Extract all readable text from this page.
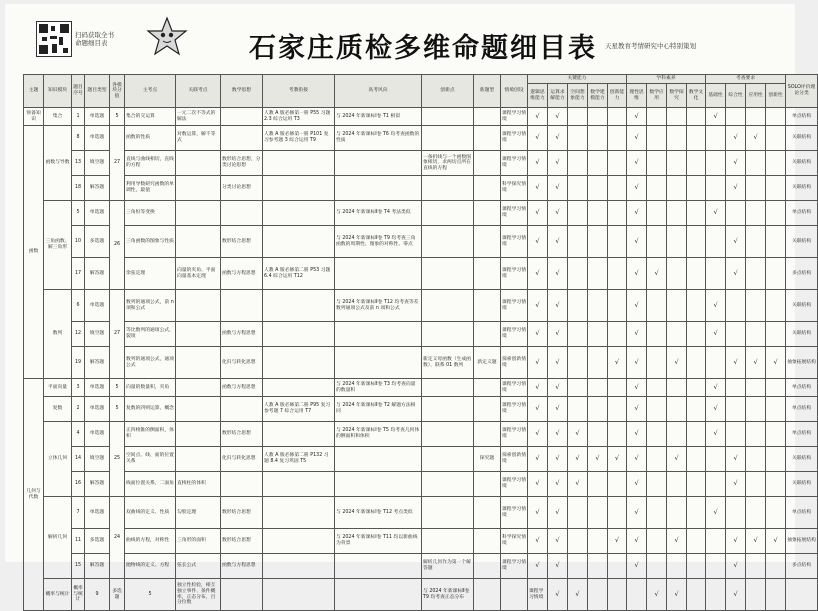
扫码获取全书
命题细目表	石家庄质检多维命题细目表 天星教育考情研究中心特别策划
主题	知识模块	题目序号	题目类型	各模块分值	主考点	关联考点	数学思想	考教衔接	高考风向	创新点	新题型	情境创设	关键能力					学科素养				考查要求				SOLO评价理论分类	
													逻辑思维能力	运算求解能力	空间想象能力	数学建模能力	创新能力	理性思维	数学应用	数学探究	数学文化	基础性	综合性	应用性	创新性		
预备知识	集合	1	单选题	5	集合的交运算	一元二次不等式的解法		人教 A 版必修第一册 P55 习题 2.3 综合运用 T3	与 2024 年新课标Ⅰ卷 T1 相似			课程学习情境	√	√				√				√				单点结构	
函数	函数与导数	8	单选题	27	函数的性质	对数运算，解不等式		人教 A 版必修第一册 P101 复习参考题 3 综合运用 T9	与 2024 年新课标Ⅰ卷 T6 均考查函数的性质			课程学习情境	√	√				√					√	√		关联结构	
		13	填空题		直线与曲线相切，直线的方程		数形结合思想，分类讨论思想			一条折线与一个函数图象相切，求两切点所在直线的方程		课程学习情境	√	√				√					√			关联结构	
		18	解答题		利用导数研究函数的单调性，最值		分类讨论思想					科学探究情境	√	√				√					√			关联结构	
	三角函数、解三角形	5	单选题	26	三角恒等变换				与 2024 年新课标Ⅱ卷 T4 考法类似			课程学习情境	√	√				√				√				单点结构	
		10	多选题		三角函数的图象与性质		数形结合思想		与 2024 年新课标Ⅱ卷 T9 均考查三角函数的周期性、图象的对称性、零点			课程学习情境	√	√				√					√			关联结构	
		17	解答题		余弦定理	向量的夹角、平面向量基本定理	函数与方程思想	人教 A 版必修第二册 P53 习题 6.4 综合运用 T12				课程学习情境	√	√				√	√				√			多点结构	
	数列	6	单选题	27	数列的通项公式，前 n 项和公式				与 2024 年新课标Ⅱ卷 T12 均考查等差数列通项公式及前 n 项和公式			课程学习情境	√	√				√				√				关联结构	
		12	填空题		等比数列的通项公式，裂项		函数与方程思想					课程学习情境	√	√				√				√				关联结构	
		19	解答题		数列的通项公式，通项公式		化归与转化思想			新定义母函数（生成函数），联系 01 数列	新定义题	探索创新情境	√	√			√	√		√			√	√	√	抽象拓展结构	
几何与代数	平面向量	3	单选题	5	向量的数量积，夹角		函数与方程思想		与 2024 年新课标Ⅱ卷 T3 均考查向量的数量积			课程学习情境	√	√				√				√				单点结构	
	复数	2	单选题	5	复数的四则运算，概念			人教 A 版必修第二册 P95 复习参考题 7 综合运用 T7	与 2024 年新课标Ⅱ卷 T2 解题方法相同			课程学习情境	√	√				√				√				单点结构	
	立体几何	4	单选题	25	正四棱锥的侧面积，体积		数形结合思想		与 2024 年新课标Ⅰ卷 T5 均考查几何体的侧面积和体积			课程学习情境	√	√	√			√				√				单点结构	
		14	填空题		空间点、线、面的位置关系		化归与转化思想	人教 A 版必修第二册 P132 习题 8.4 复习巩固 T5			探究题	探索创新情境	√	√	√	√	√	√		√			√			关联结构	
		16	解答题		线面位置关系，二面角	直棱柱的体积						课程学习情境	√	√	√			√					√			关联结构	
	解析几何	7	单选题	24	双曲线的定义、性质	勾股定理	数形结合思想		与 2024 年新课标Ⅰ卷 T12 考点类似			课程学习情境	√	√				√				√				单点结构	
		11	多选题		曲线的方程，对称性	三角形的面积	数形结合思想		与 2024 年新课标Ⅰ卷 T11 均以新曲线为背景			科学探究情境	√	√			√	√		√			√	√	√	抽象拓展结构	
		15	解答题		抛物线的定义、方程	弦长公式	函数与方程思想			解析几何作为第一个解答题		课程学习情境	√	√				√					√			多点结构	
	概率与统计	概率与统计	9	多选题	5	独立性检验，相互独立事件、条件概率，正态分布，百分位数				与 2024 年新课标Ⅱ卷 T9 均考查正态分布			课程学习情境	√	√				√	√			√				
